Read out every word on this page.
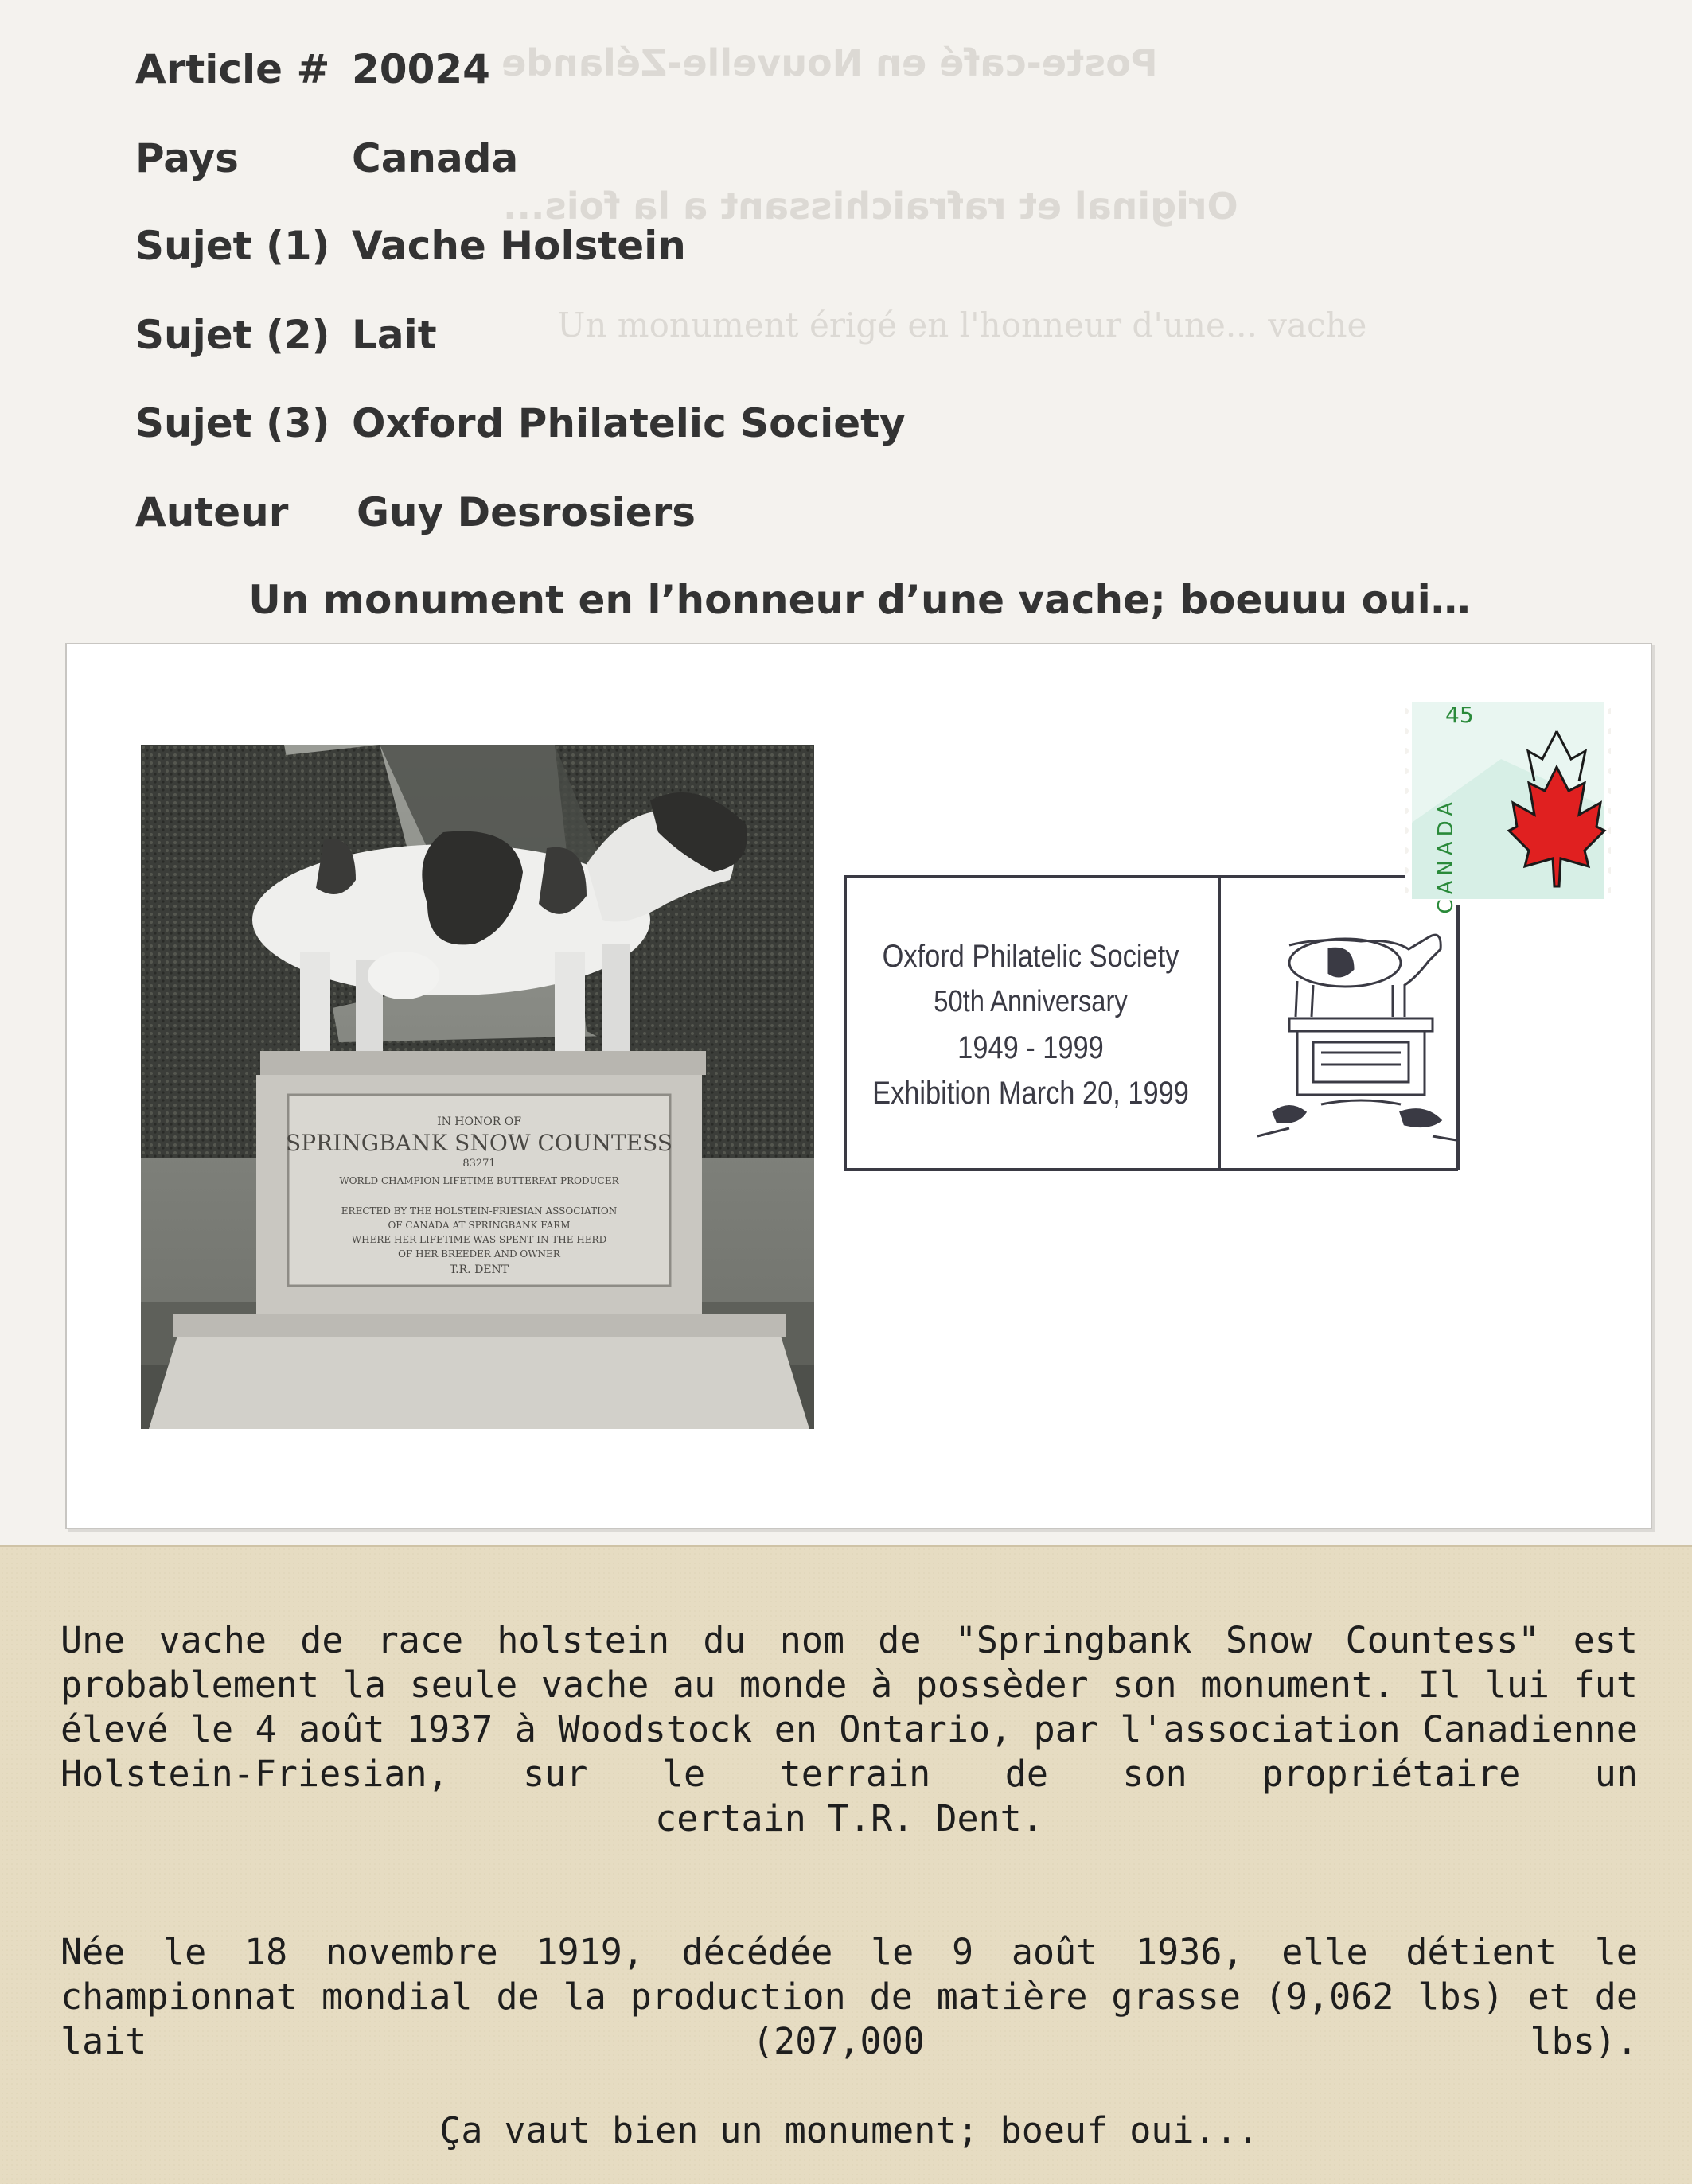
Poste-café en Nouvelle-Zélande
Original et rafraichissant a la fois...
Un monument érigé en l'honneur d'une... vache
Article # 20024
Pays	Canada
Sujet (1) Vache Holstein
Sujet (2) Lait
Sujet (3) Oxford Philatelic Society
Auteur Guy Desrosiers
Un monument en l’honneur d’une vache; boeuuu oui…
IN HONOR OF
SPRINGBANK SNOW COUNTESS
83271
WORLD CHAMPION LIFETIME BUTTERFAT PRODUCER
ERECTED BY THE HOLSTEIN-FRIESIAN ASSOCIATION
OF CANADA AT SPRINGBANK FARM
WHERE HER LIFETIME WAS SPENT IN THE HERD
OF HER BREEDER AND OWNER
T.R. DENT
Oxford Philatelic Society
50th Anniversary
1949 - 1999
Exhibition March 20, 1999
45
CANADA

Une vache de race holstein du nom de "Springbank Snow Countess" est probablement la seule vache au monde à possèder son monument. Il lui fut élevé le 4 août 1937 à Woodstock en Ontario, par l'association Canadienne Holstein-Friesian, sur le terrain de son propriétaire un
certain T.R. Dent.

Née le 18 novembre 1919, décédée le 9 août 1936, elle détient le championnat mondial de la production de matière grasse (9,062 lbs) et de lait (207,000 lbs).

Ça vaut bien un monument; boeuf oui...
